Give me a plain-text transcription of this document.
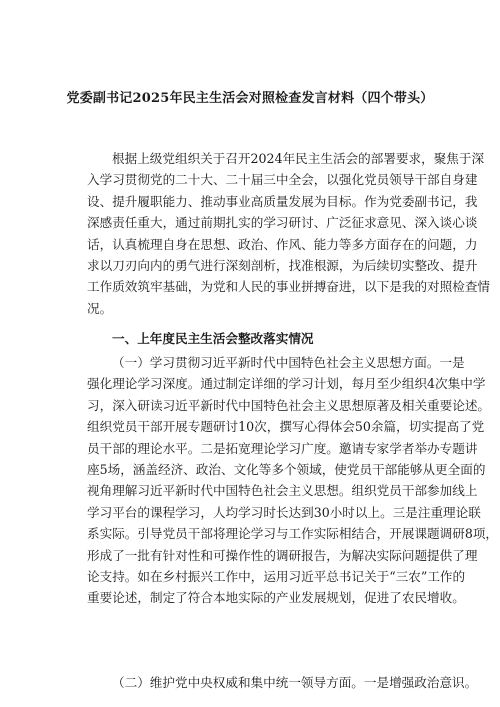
党委副书记2025年民主生活会对照检查发言材料（四个带头）
根据上级党组织关于召开2024年民主生活会的部署要求，聚焦于深
入学习贯彻党的二十大、二十届三中全会，以强化党员领导干部自身建
设、提升履职能力、推动事业高质量发展为目标。作为党委副书记，我
深感责任重大，通过前期扎实的学习研讨、广泛征求意见、深入谈心谈
话，认真梳理自身在思想、政治、作风、能力等多方面存在的问题，力
求以刀刃向内的勇气进行深刻剖析，找准根源，为后续切实整改、提升
工作质效筑牢基础，为党和人民的事业拼搏奋进，以下是我的对照检查情
况。
一、上年度民主生活会整改落实情况
（一）学习贯彻习近平新时代中国特色社会主义思想方面。一是
强化理论学习深度。通过制定详细的学习计划，每月至少组织4次集中学
习，深入研读习近平新时代中国特色社会主义思想原著及相关重要论述。
组织党员干部开展专题研讨10次，撰写心得体会50余篇，切实提高了党
员干部的理论水平。二是拓宽理论学习广度。邀请专家学者举办专题讲
座5场，涵盖经济、政治、文化等多个领域，使党员干部能够从更全面的
视角理解习近平新时代中国特色社会主义思想。组织党员干部参加线上
学习平台的课程学习，人均学习时长达到30小时以上。三是注重理论联
系实际。引导党员干部将理论学习与工作实际相结合，开展课题调研8项，
形成了一批有针对性和可操作性的调研报告，为解决实际问题提供了理
论支持。如在乡村振兴工作中，运用习近平总书记关于“三农”工作的
重要论述，制定了符合本地实际的产业发展规划，促进了农民增收。
（二）维护党中央权威和集中统一领导方面。一是增强政治意识。
